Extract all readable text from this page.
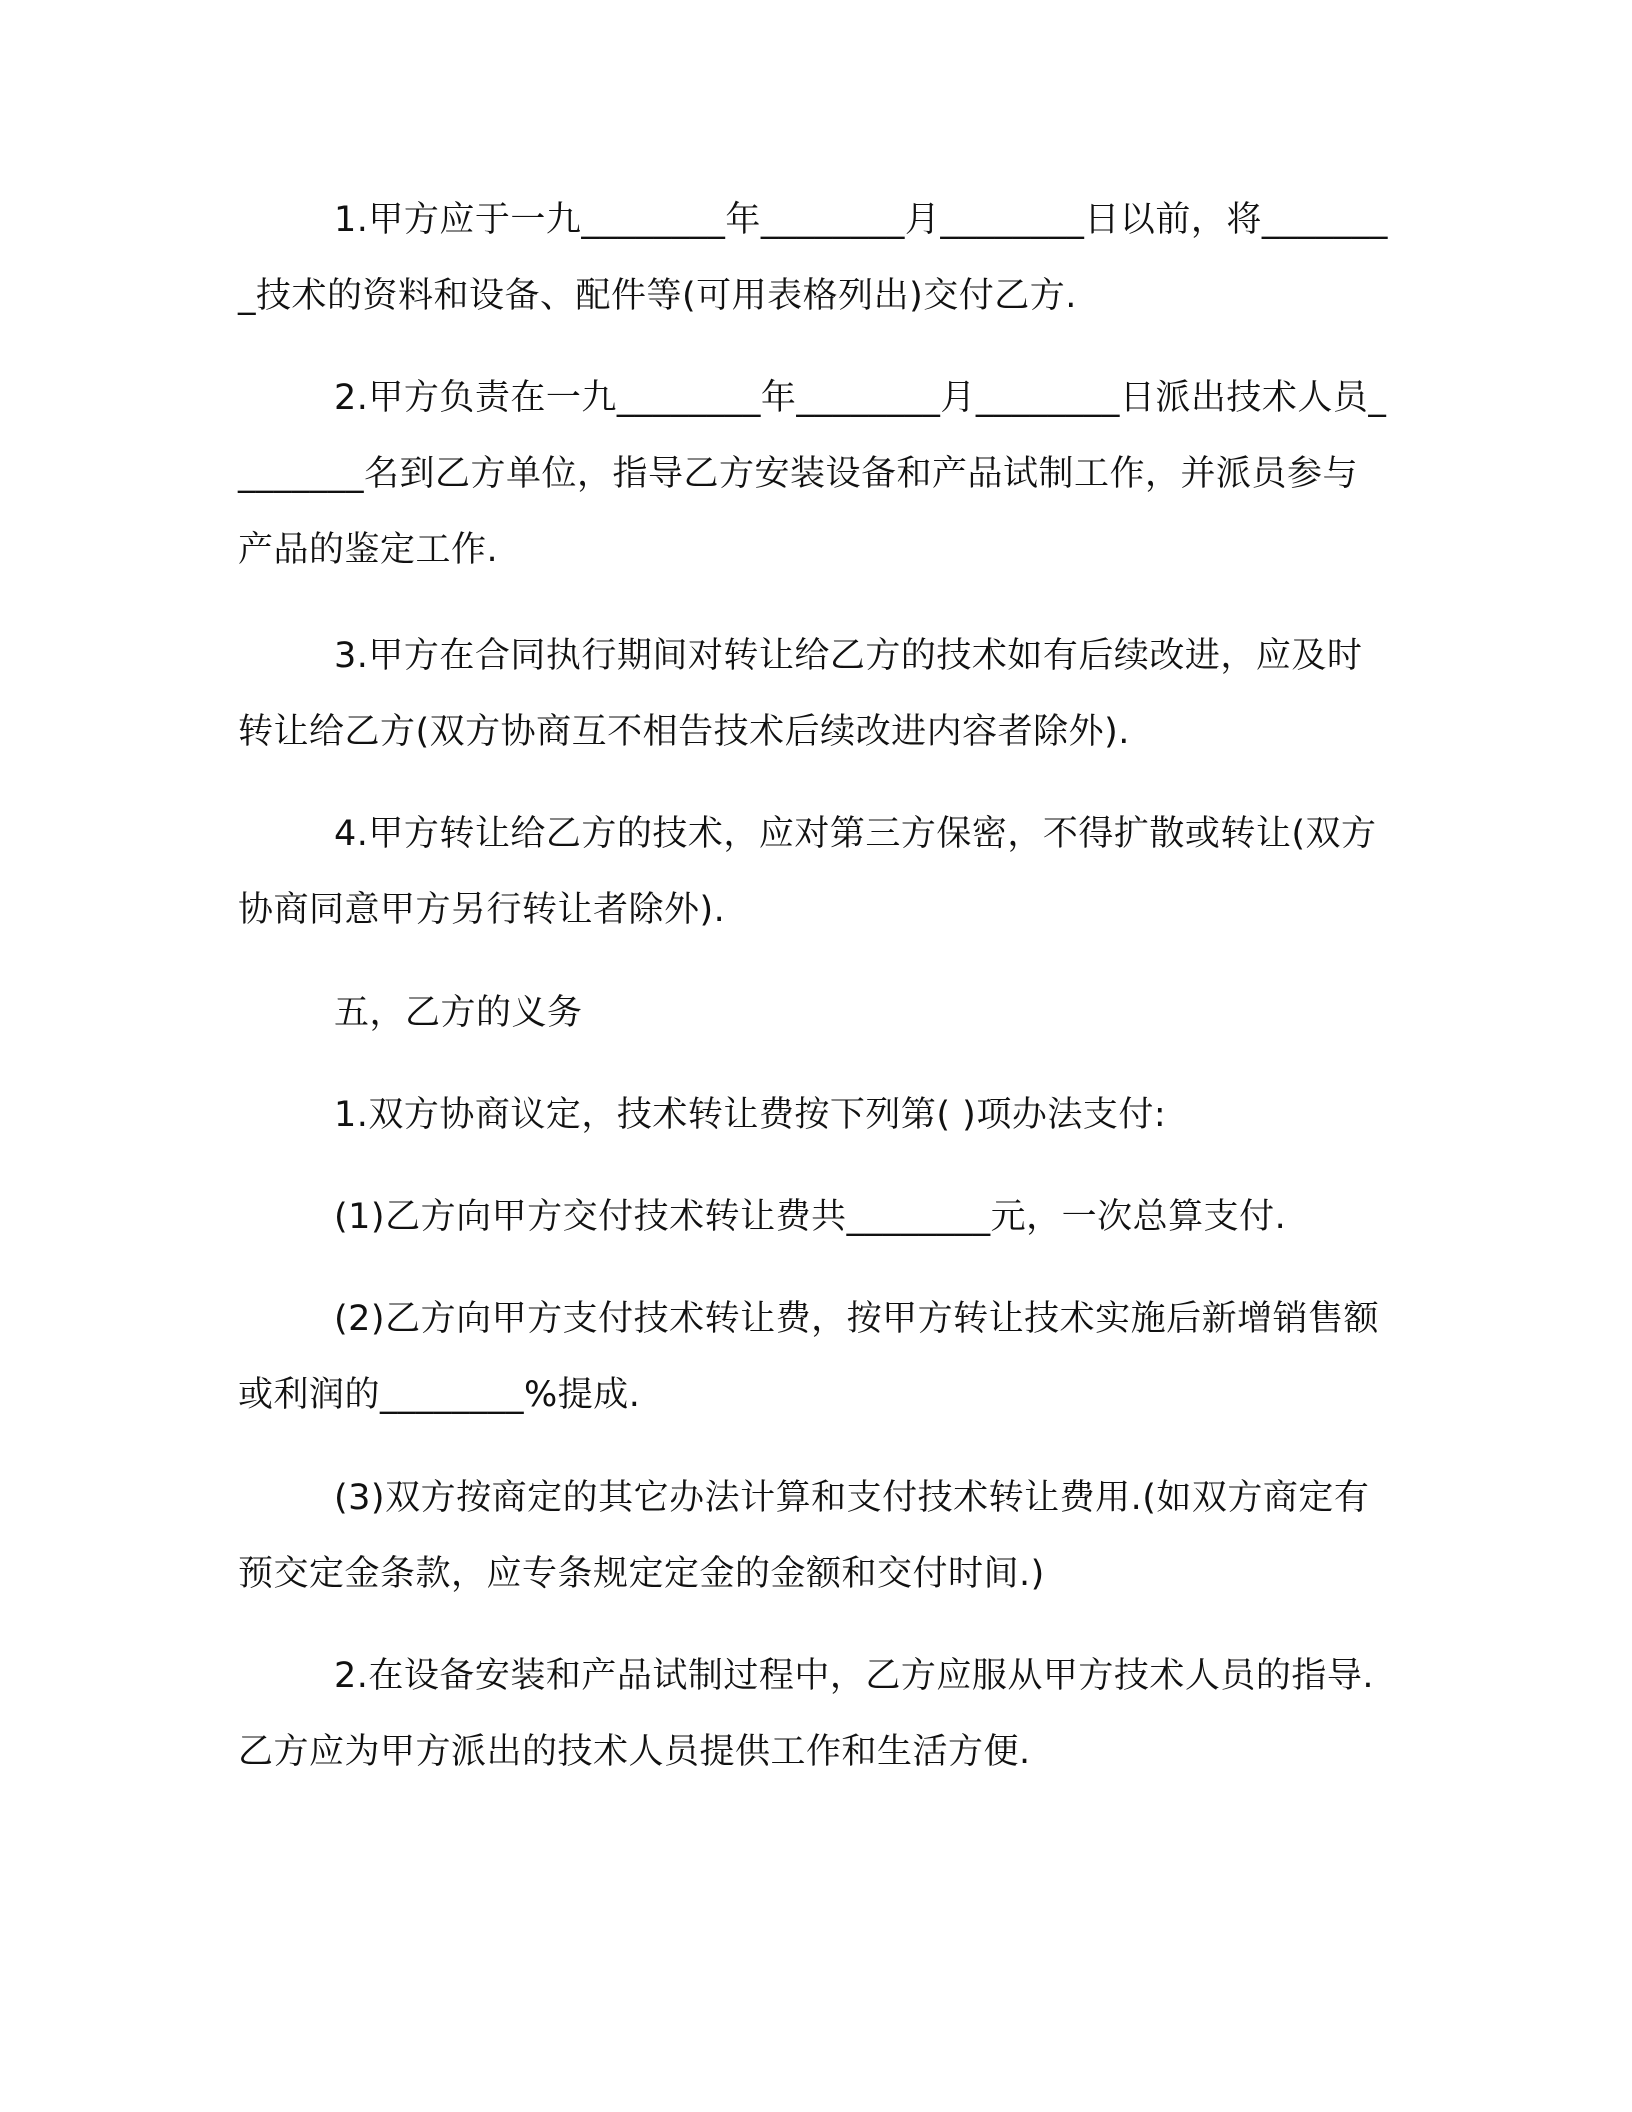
1.甲方应于一九________年________月________日以前，将________技术的资料和设备、配件等(可用表格列出)交付乙方.

2.甲方负责在一九________年________月________日派出技术人员________名到乙方单位，指导乙方安装设备和产品试制工作，并派员参与产品的鉴定工作.

3.甲方在合同执行期间对转让给乙方的技术如有后续改进，应及时转让给乙方(双方协商互不相告技术后续改进内容者除外).

4.甲方转让给乙方的技术，应对第三方保密，不得扩散或转让(双方协商同意甲方另行转让者除外).

五，乙方的义务

1.双方协商议定，技术转让费按下列第( )项办法支付:

(1)乙方向甲方交付技术转让费共________元，一次总算支付.

(2)乙方向甲方支付技术转让费，按甲方转让技术实施后新增销售额或利润的________%提成.

(3)双方按商定的其它办法计算和支付技术转让费用.(如双方商定有预交定金条款，应专条规定定金的金额和交付时间.)

2.在设备安装和产品试制过程中，乙方应服从甲方技术人员的指导.乙方应为甲方派出的技术人员提供工作和生活方便.
